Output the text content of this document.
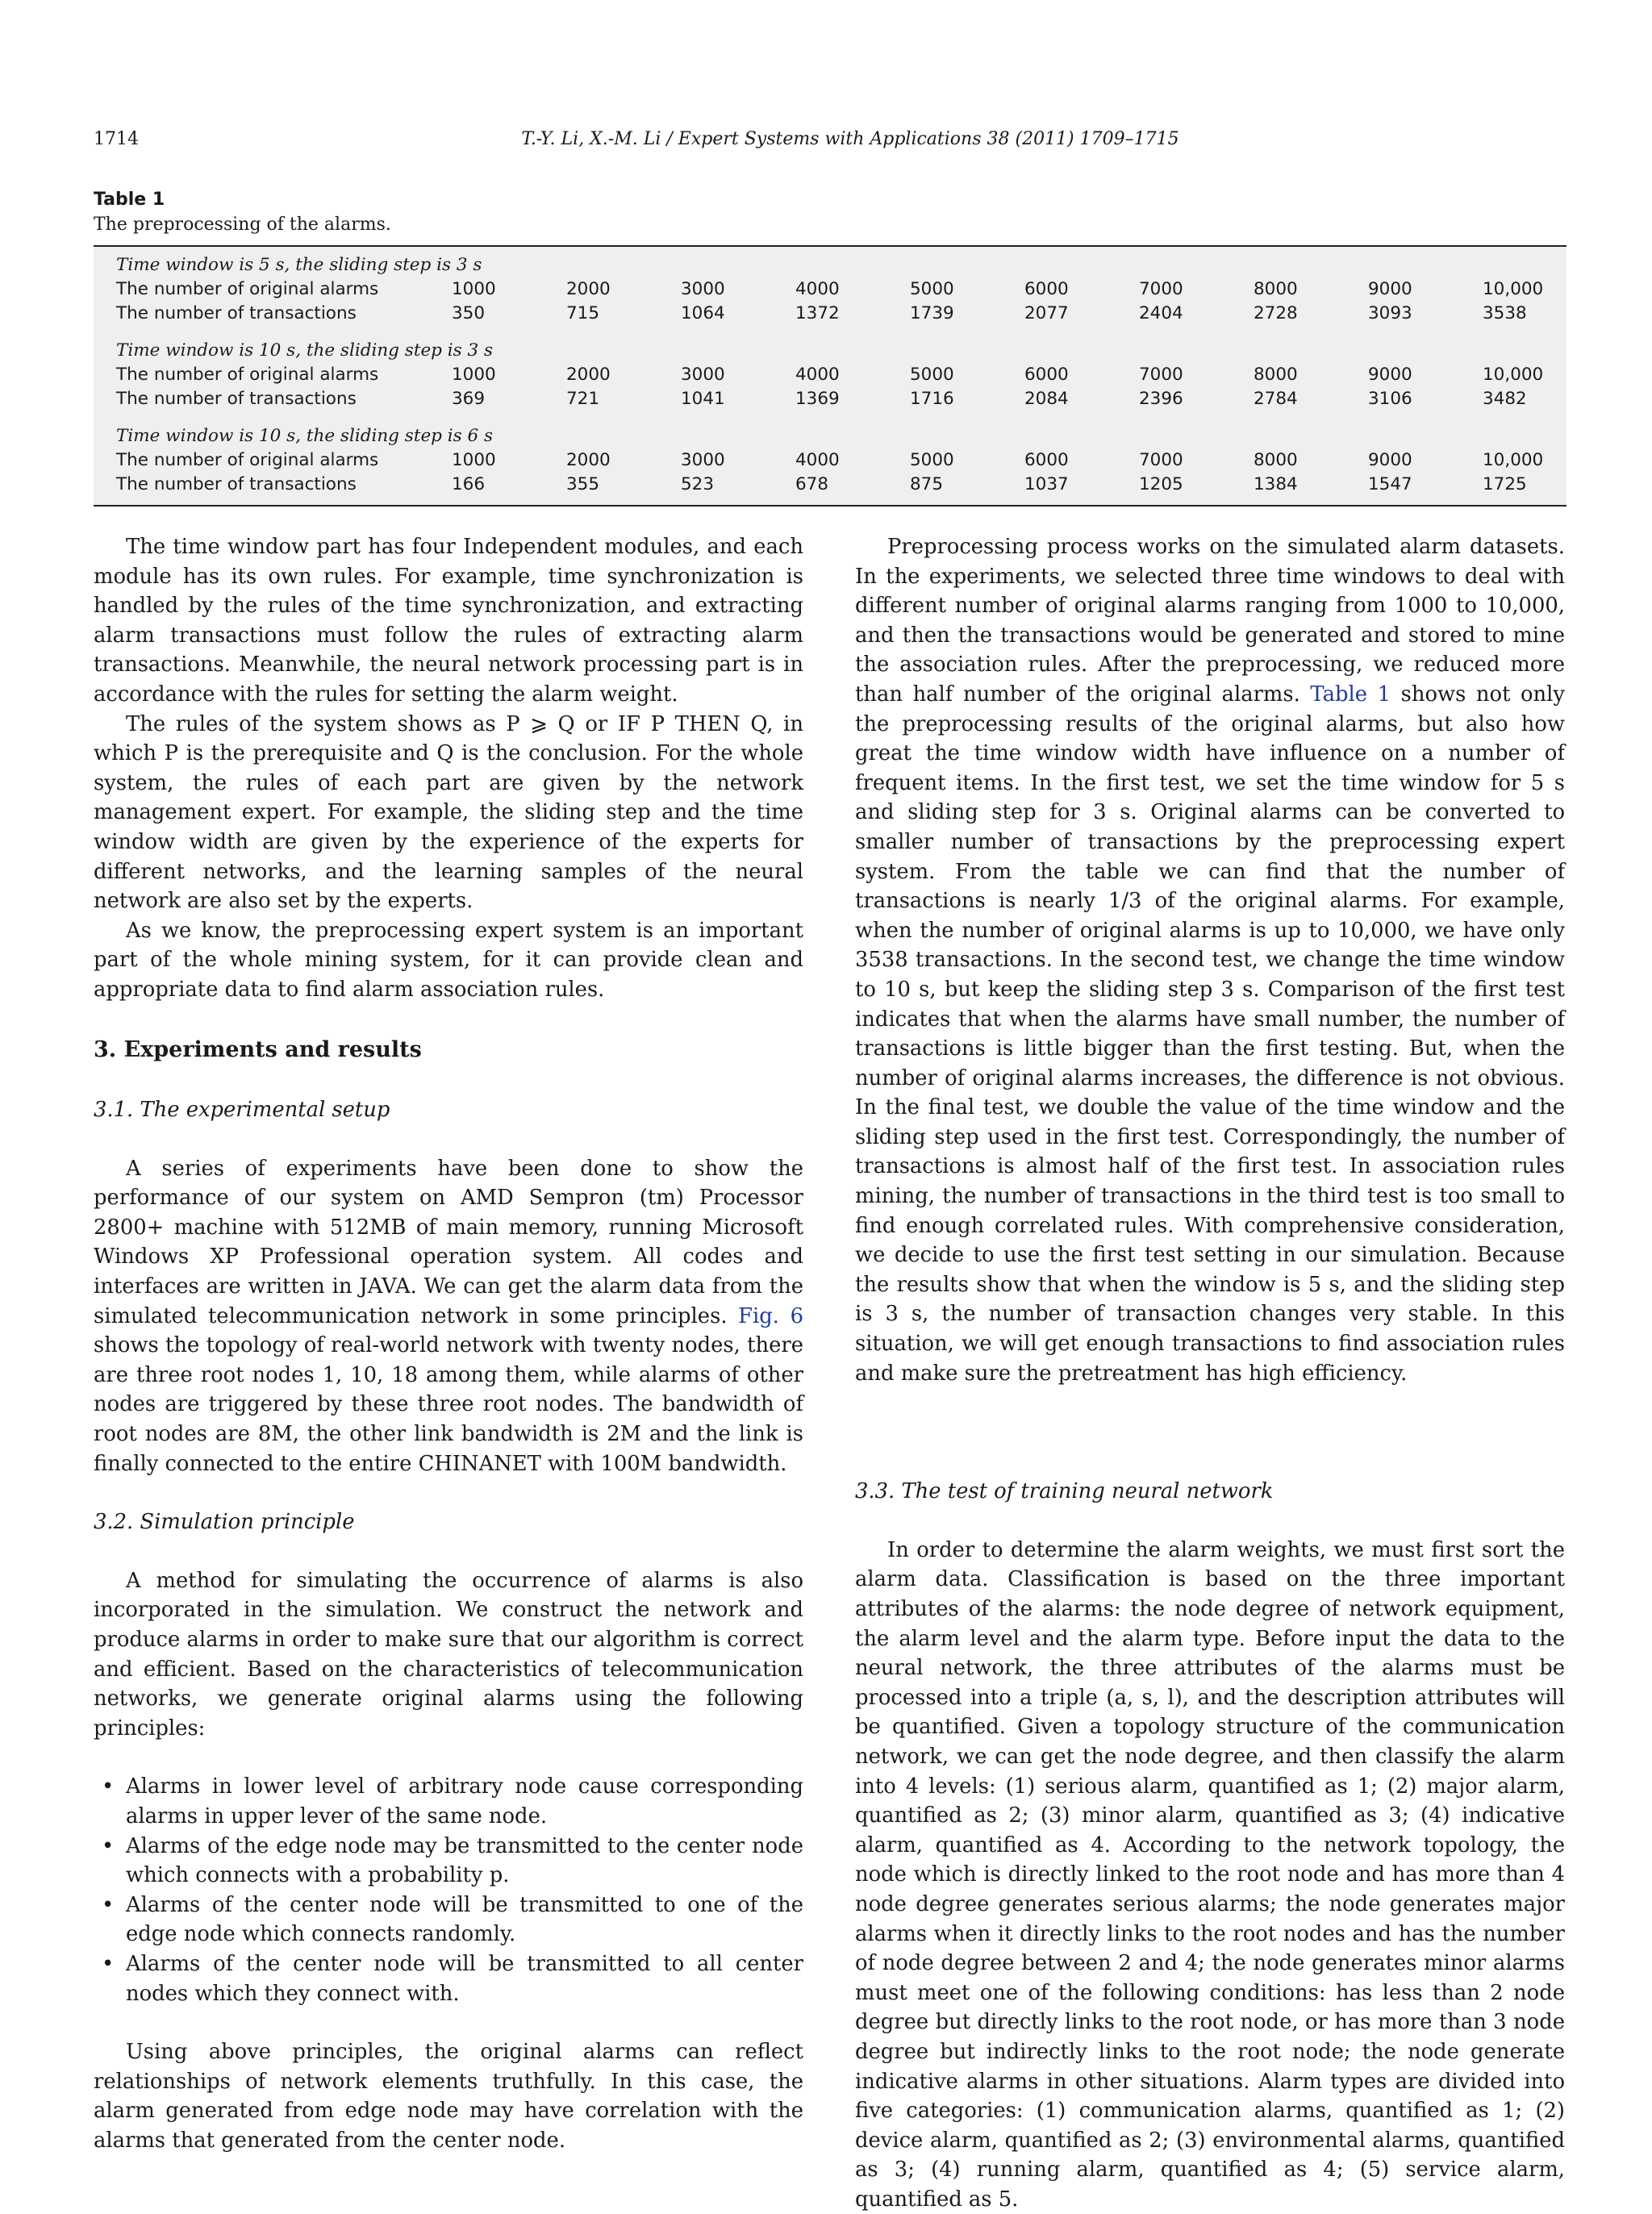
1714	T.-Y. Li, X.-M. Li / Expert Systems with Applications 38 (2011) 1709–1715
Table 1
The preprocessing of the alarms.
Time window is 5 s, the sliding step is 3 s
The number of original alarms	1000	2000	3000	4000	5000	6000	7000	8000	9000	10,000
The number of transactions	350	715	1064	1372	1739	2077	2404	2728	3093	3538
Time window is 10 s, the sliding step is 3 s
The number of original alarms	1000	2000	3000	4000	5000	6000	7000	8000	9000	10,000
The number of transactions	369	721	1041	1369	1716	2084	2396	2784	3106	3482
Time window is 10 s, the sliding step is 6 s
The number of original alarms	1000	2000	3000	4000	5000	6000	7000	8000	9000	10,000
The number of transactions	166	355	523	678	875	1037	1205	1384	1547	1725

The time window part has four Independent modules, and each module has its own rules. For example, time synchronization is handled by the rules of the time synchronization, and extracting alarm transactions must follow the rules of extracting alarm transactions. Meanwhile, the neural network processing part is in accordance with the rules for setting the alarm weight.

The rules of the system shows as P ⩾ Q or IF P THEN Q, in which P is the prerequisite and Q is the conclusion. For the whole system, the rules of each part are given by the network management expert. For example, the sliding step and the time window width are given by the experience of the experts for different networks, and the learning samples of the neural network are also set by the experts.

As we know, the preprocessing expert system is an important part of the whole mining system, for it can provide clean and appropriate data to find alarm association rules.

3. Experiments and results
3.1. The experimental setup

A series of experiments have been done to show the performance of our system on AMD Sempron (tm) Processor 2800+ machine with 512MB of main memory, running Microsoft Windows XP Professional operation system. All codes and interfaces are written in JAVA. We can get the alarm data from the simulated telecommunication network in some principles. Fig. 6 shows the topology of real-world network with twenty nodes, there are three root nodes 1, 10, 18 among them, while alarms of other nodes are triggered by these three root nodes. The bandwidth of root nodes are 8M, the other link bandwidth is 2M and the link is finally connected to the entire CHINANET with 100M bandwidth.

3.2. Simulation principle

A method for simulating the occurrence of alarms is also incorporated in the simulation. We construct the network and produce alarms in order to make sure that our algorithm is correct and efficient. Based on the characteristics of telecommunication networks, we generate original alarms using the following principles:

• Alarms in lower level of arbitrary node cause corresponding alarms in upper lever of the same node.
• Alarms of the edge node may be transmitted to the center node which connects with a probability p.
• Alarms of the center node will be transmitted to one of the edge node which connects randomly.
• Alarms of the center node will be transmitted to all center nodes which they connect with.

Using above principles, the original alarms can reflect relationships of network elements truthfully. In this case, the alarm generated from edge node may have correlation with the alarms that generated from the center node.

Preprocessing process works on the simulated alarm datasets. In the experiments, we selected three time windows to deal with different number of original alarms ranging from 1000 to 10,000, and then the transactions would be generated and stored to mine the association rules. After the preprocessing, we reduced more than half number of the original alarms. Table 1 shows not only the preprocessing results of the original alarms, but also how great the time window width have influence on a number of frequent items. In the first test, we set the time window for 5 s and sliding step for 3 s. Original alarms can be converted to smaller number of transactions by the preprocessing expert system. From the table we can find that the number of transactions is nearly 1/3 of the original alarms. For example, when the number of original alarms is up to 10,000, we have only 3538 transactions. In the second test, we change the time window to 10 s, but keep the sliding step 3 s. Comparison of the first test indicates that when the alarms have small number, the number of transactions is little bigger than the first testing. But, when the number of original alarms increases, the difference is not obvious. In the final test, we double the value of the time window and the sliding step used in the first test. Correspondingly, the number of transactions is almost half of the first test. In association rules mining, the number of transactions in the third test is too small to find enough correlated rules. With comprehensive consideration, we decide to use the first test setting in our simulation. Because the results show that when the window is 5 s, and the sliding step is 3 s, the number of transaction changes very stable. In this situation, we will get enough transactions to find association rules and make sure the pretreatment has high efficiency.

3.3. The test of training neural network

In order to determine the alarm weights, we must first sort the alarm data. Classification is based on the three important attributes of the alarms: the node degree of network equipment, the alarm level and the alarm type. Before input the data to the neural network, the three attributes of the alarms must be processed into a triple (a, s, l), and the description attributes will be quantified. Given a topology structure of the communication network, we can get the node degree, and then classify the alarm into 4 levels: (1) serious alarm, quantified as 1; (2) major alarm, quantified as 2; (3) minor alarm, quantified as 3; (4) indicative alarm, quantified as 4. According to the network topology, the node which is directly linked to the root node and has more than 4 node degree generates serious alarms; the node generates major alarms when it directly links to the root nodes and has the number of node degree between 2 and 4; the node generates minor alarms must meet one of the following conditions: has less than 2 node degree but directly links to the root node, or has more than 3 node degree but indirectly links to the root node; the node generate indicative alarms in other situations. Alarm types are divided into five categories: (1) communication alarms, quantified as 1; (2) device alarm, quantified as 2; (3) environmental alarms, quantified as 3; (4) running alarm, quantified as 4; (5) service alarm, quantified as 5.
